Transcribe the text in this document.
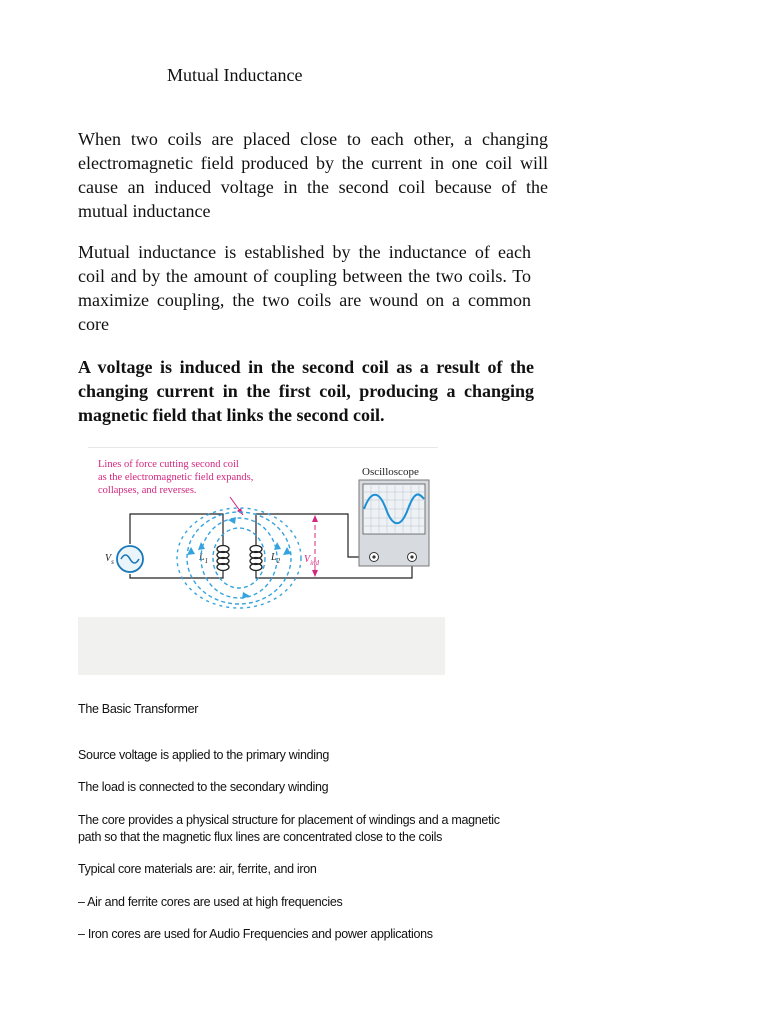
Mutual Inductance
When two coils are placed close to each other, a changing electromagnetic field produced by the current in one coil will cause an induced voltage in the second coil because of the mutual inductance
Mutual inductance is established by the inductance of each coil and by the amount of coupling between the two coils. To maximize coupling, the two coils are wound on a common core
A voltage is induced in the second coil as a result of the changing current in the first coil, producing a changing magnetic field that links the second coil.
Lines of force cutting second coil
as the electromagnetic field expands,
collapses, and reverses.
$V_s$	$L_1$	$L_2$ $V_{ind}$
Oscilloscope
The Basic Transformer
Source voltage is applied to the primary winding
The load is connected to the secondary winding
The core provides a physical structure for placement of windings and a magnetic
path so that the magnetic flux lines are concentrated close to the coils
Typical core materials are: air, ferrite, and iron
– Air and ferrite cores are used at high frequencies
– Iron cores are used for Audio Frequencies and power applications
